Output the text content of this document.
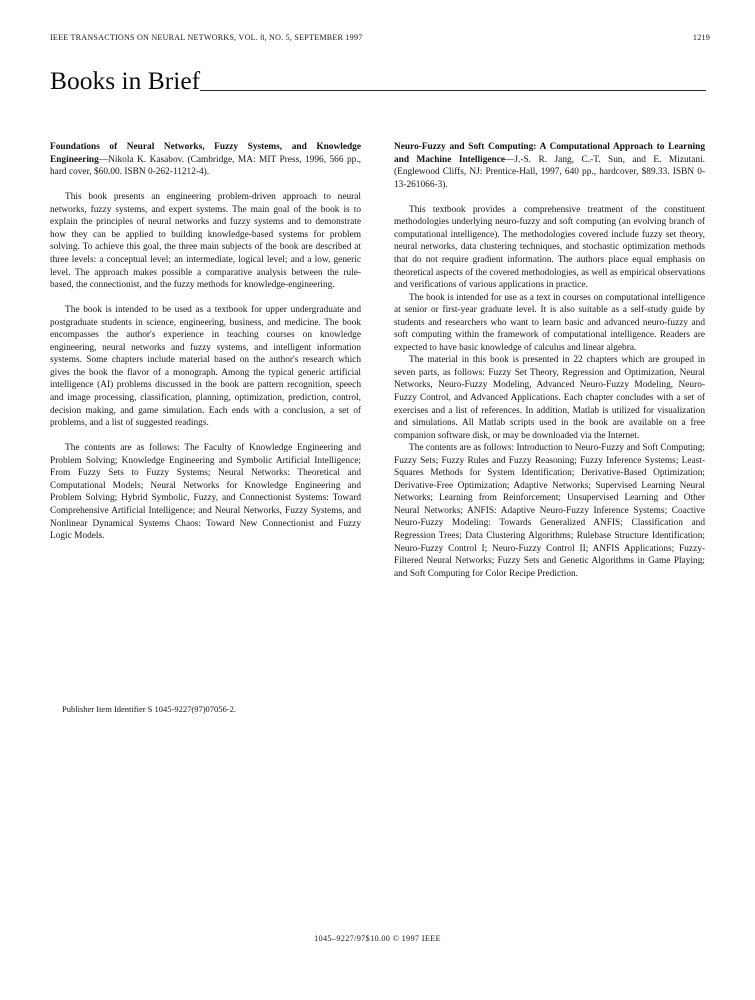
IEEE TRANSACTIONS ON NEURAL NETWORKS, VOL. 8, NO. 5, SEPTEMBER 1997	1219
Books in Brief

Foundations of Neural Networks, Fuzzy Systems, and Knowledge Engineering—Nikola K. Kasabov. (Cambridge, MA: MIT Press, 1996, 566 pp., hard cover, $60.00. ISBN 0-262-11212-4).

This book presents an engineering problem-driven approach to neural networks, fuzzy systems, and expert systems. The main goal of the book is to explain the principles of neural networks and fuzzy systems and to demonstrate how they can be applied to building knowledge-based systems for problem solving. To achieve this goal, the three main subjects of the book are described at three levels: a conceptual level; an intermediate, logical level; and a low, generic level. The approach makes possible a comparative analysis between the rule-based, the connectionist, and the fuzzy methods for knowledge-engineering.

The book is intended to be used as a textbook for upper undergraduate and postgraduate students in science, engineering, business, and medicine. The book encompasses the author's experience in teaching courses on knowledge engineering, neural networks and fuzzy systems, and intelligent information systems. Some chapters include material based on the author's research which gives the book the flavor of a monograph. Among the typical generic artificial intelligence (AI) problems discussed in the book are pattern recognition, speech and image processing, classification, planning, optimization, prediction, control, decision making, and game simulation. Each ends with a conclusion, a set of problems, and a list of suggested readings.

The contents are as follows: The Faculty of Knowledge Engineering and Problem Solving; Knowledge Engineering and Symbolic Artificial Intelligence; From Fuzzy Sets to Fuzzy Systems; Neural Networks: Theoretical and Computational Models; Neural Networks for Knowledge Engineering and Problem Solving; Hybrid Symbolic, Fuzzy, and Connectionist Systems: Toward Comprehensive Artificial Intelligence; and Neural Networks, Fuzzy Systems, and Nonlinear Dynamical Systems Chaos: Toward New Connectionist and Fuzzy Logic Models.

Publisher Item Identifier S 1045-9227(97)07056-2.

Neuro-Fuzzy and Soft Computing: A Computational Approach to Learning and Machine Intelligence—J.-S. R. Jang, C.-T. Sun, and E. Mizutani. (Englewood Cliffs, NJ: Prentice-Hall, 1997, 640 pp., hardcover, $89.33. ISBN 0-13-261066-3).

This textbook provides a comprehensive treatment of the constituent methodologies underlying neuro-fuzzy and soft computing (an evolving branch of computational intelligence). The methodologies covered include fuzzy set theory, neural networks, data clustering techniques, and stochastic optimization methods that do not require gradient information. The authors place equal emphasis on theoretical aspects of the covered methodologies, as well as empirical observations and verifications of various applications in practice.

The book is intended for use as a text in courses on computational intelligence at senior or first-year graduate level. It is also suitable as a self-study guide by students and researchers who want to learn basic and advanced neuro-fuzzy and soft computing within the framework of computational intelligence. Readers are expected to have basic knowledge of calculus and linear algebra.

The material in this book is presented in 22 chapters which are grouped in seven parts, as follows: Fuzzy Set Theory, Regression and Optimization, Neural Networks, Neuro-Fuzzy Modeling, Advanced Neuro-Fuzzy Modeling, Neuro-Fuzzy Control, and Advanced Applications. Each chapter concludes with a set of exercises and a list of references. In addition, Matlab is utilized for visualization and simulations. All Matlab scripts used in the book are available on a free companion software disk, or may be downloaded via the Internet.

The contents are as follows: Introduction to Neuro-Fuzzy and Soft Computing; Fuzzy Sets; Fuzzy Rules and Fuzzy Reasoning; Fuzzy Inference Systems; Least-Squares Methods for System Identification; Derivative-Based Optimization; Derivative-Free Optimization; Adaptive Networks; Supervised Learning Neural Networks; Learning from Reinforcement; Unsupervised Learning and Other Neural Networks; ANFIS: Adaptive Neuro-Fuzzy Inference Systems; Coactive Neuro-Fuzzy Modeling: Towards Generalized ANFIS; Classification and Regression Trees; Data Clustering Algorithms; Rulebase Structure Identification; Neuro-Fuzzy Control I; Neuro-Fuzzy Control II; ANFIS Applications; Fuzzy-Filtered Neural Networks; Fuzzy Sets and Genetic Algorithms in Game Playing; and Soft Computing for Color Recipe Prediction.

1045–9227/97$10.00 © 1997 IEEE
